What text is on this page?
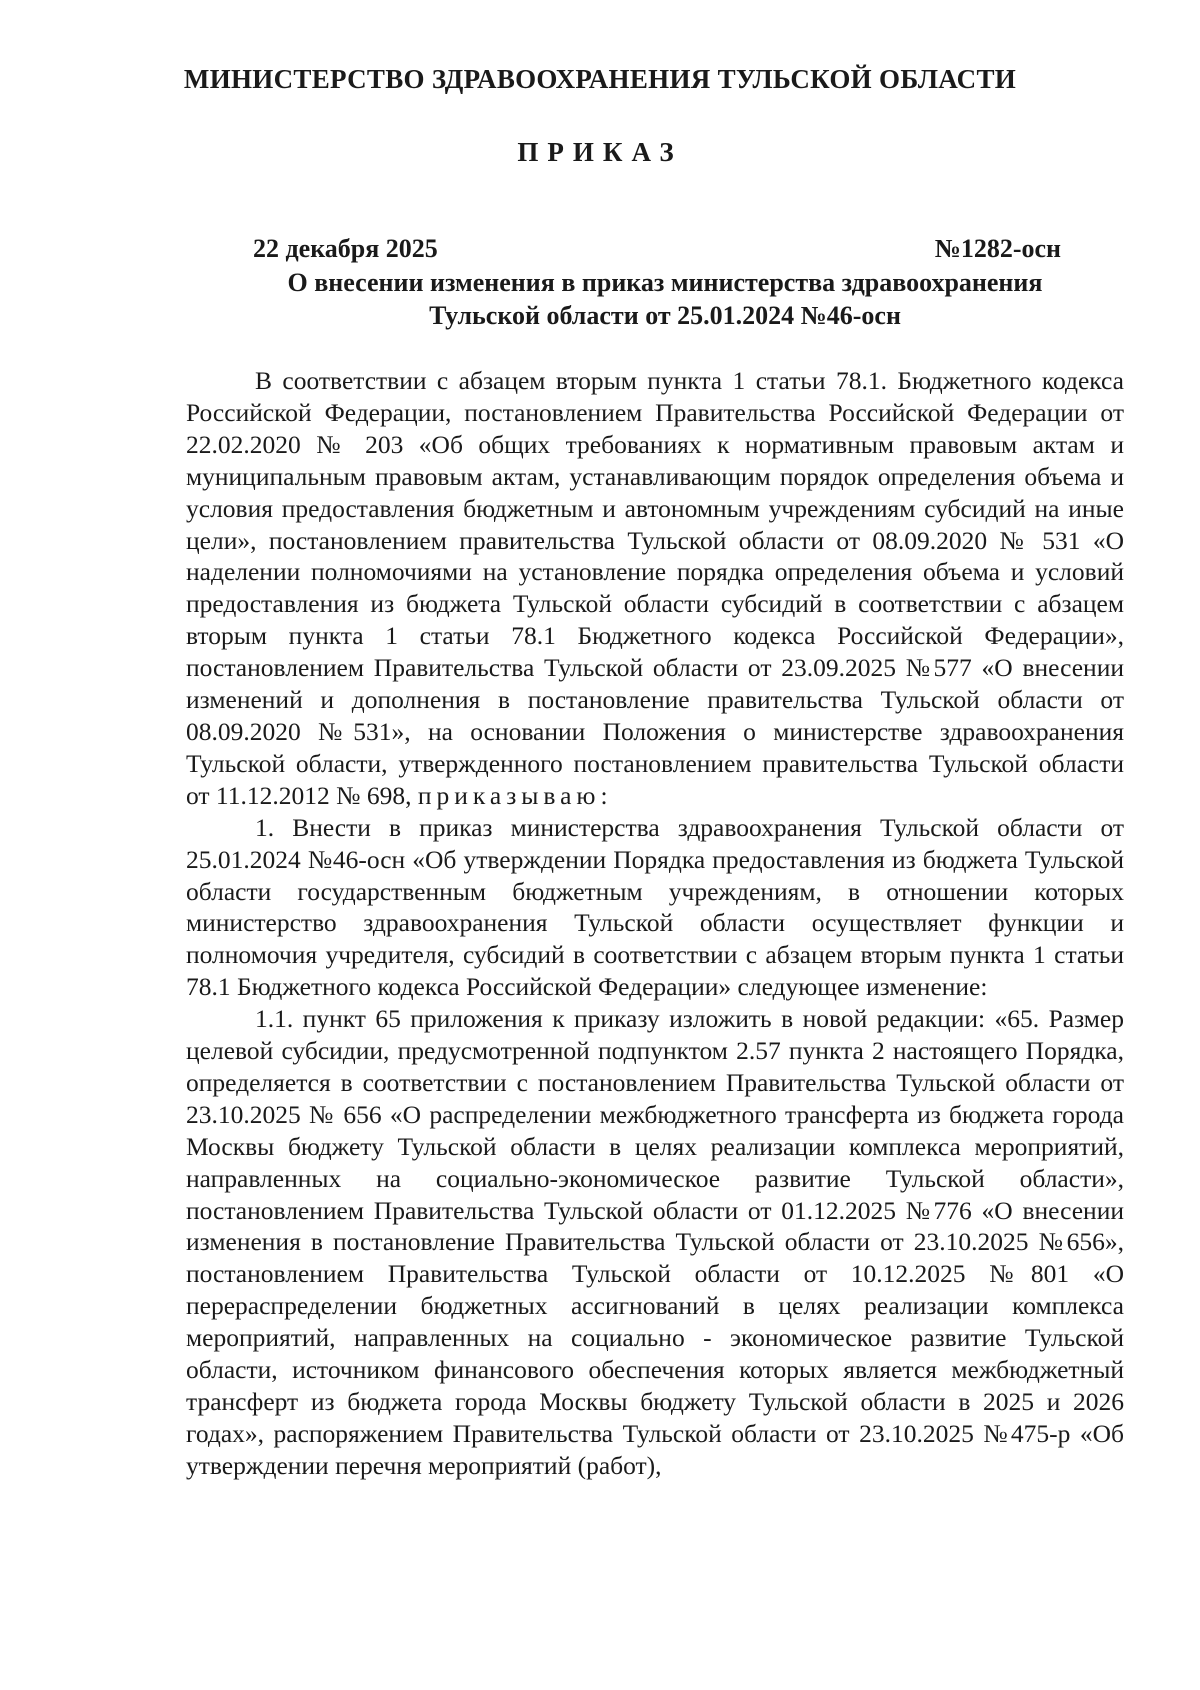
МИНИСТЕРСТВО ЗДРАВООХРАНЕНИЯ ТУЛЬСКОЙ ОБЛАСТИ
ПРИКАЗ
22 декабря 2025	№1282-осн
О внесении изменения в приказ министерства здравоохранения Тульской области от 25.01.2024 №46-осн

В соответствии с абзацем вторым пункта 1 статьи 78.1. Бюджетного кодекса Российской Федерации, постановлением Правительства Российской Федерации от 22.02.2020 № 203 «Об общих требованиях к нормативным правовым актам и муниципальным правовым актам, устанавливающим порядок определения объема и условия предоставления бюджетным и автономным учреждениям субсидий на иные цели», постановлением правительства Тульской области от 08.09.2020 № 531 «О наделении полномочиями на установление порядка определения объема и условий предоставления из бюджета Тульской области субсидий в соответствии с абзацем вторым пункта 1 статьи 78.1 Бюджетного кодекса Российской Федерации», постановлением Правительства Тульской области от 23.09.2025 №577 «О внесении изменений и дополнения в постановление правительства Тульской области от 08.09.2020 №531», на основании Положения о министерстве здравоохранения Тульской области, утвержденного постановлением правительства Тульской области от 11.12.2012 № 698, приказываю:

1. Внести в приказ министерства здравоохранения Тульской области от 25.01.2024 №46-осн «Об утверждении Порядка предоставления из бюджета Тульской области государственным бюджетным учреждениям, в отношении которых министерство здравоохранения Тульской области осуществляет функции и полномочия учредителя, субсидий в соответствии с абзацем вторым пункта 1 статьи 78.1 Бюджетного кодекса Российской Федерации» следующее изменение:

1.1. пункт 65 приложения к приказу изложить в новой редакции: «65. Размер целевой субсидии, предусмотренной подпунктом 2.57 пункта 2 настоящего Порядка, определяется в соответствии с постановлением Правительства Тульской области от 23.10.2025 № 656 «О распределении межбюджетного трансферта из бюджета города Москвы бюджету Тульской области в целях реализации комплекса мероприятий, направленных на социально-экономическое развитие Тульской области», постановлением Правительства Тульской области от 01.12.2025 №776 «О внесении изменения в постановление Правительства Тульской области от 23.10.2025 №656», постановлением Правительства Тульской области от 10.12.2025 №801 «О перераспределении бюджетных ассигнований в целях реализации комплекса мероприятий, направленных на социально - экономическое развитие Тульской области, источником финансового обеспечения которых является межбюджетный трансферт из бюджета города Москвы бюджету Тульской области в 2025 и 2026 годах», распоряжением Правительства Тульской области от 23.10.2025 №475-р «Об утверждении перечня мероприятий (работ),
